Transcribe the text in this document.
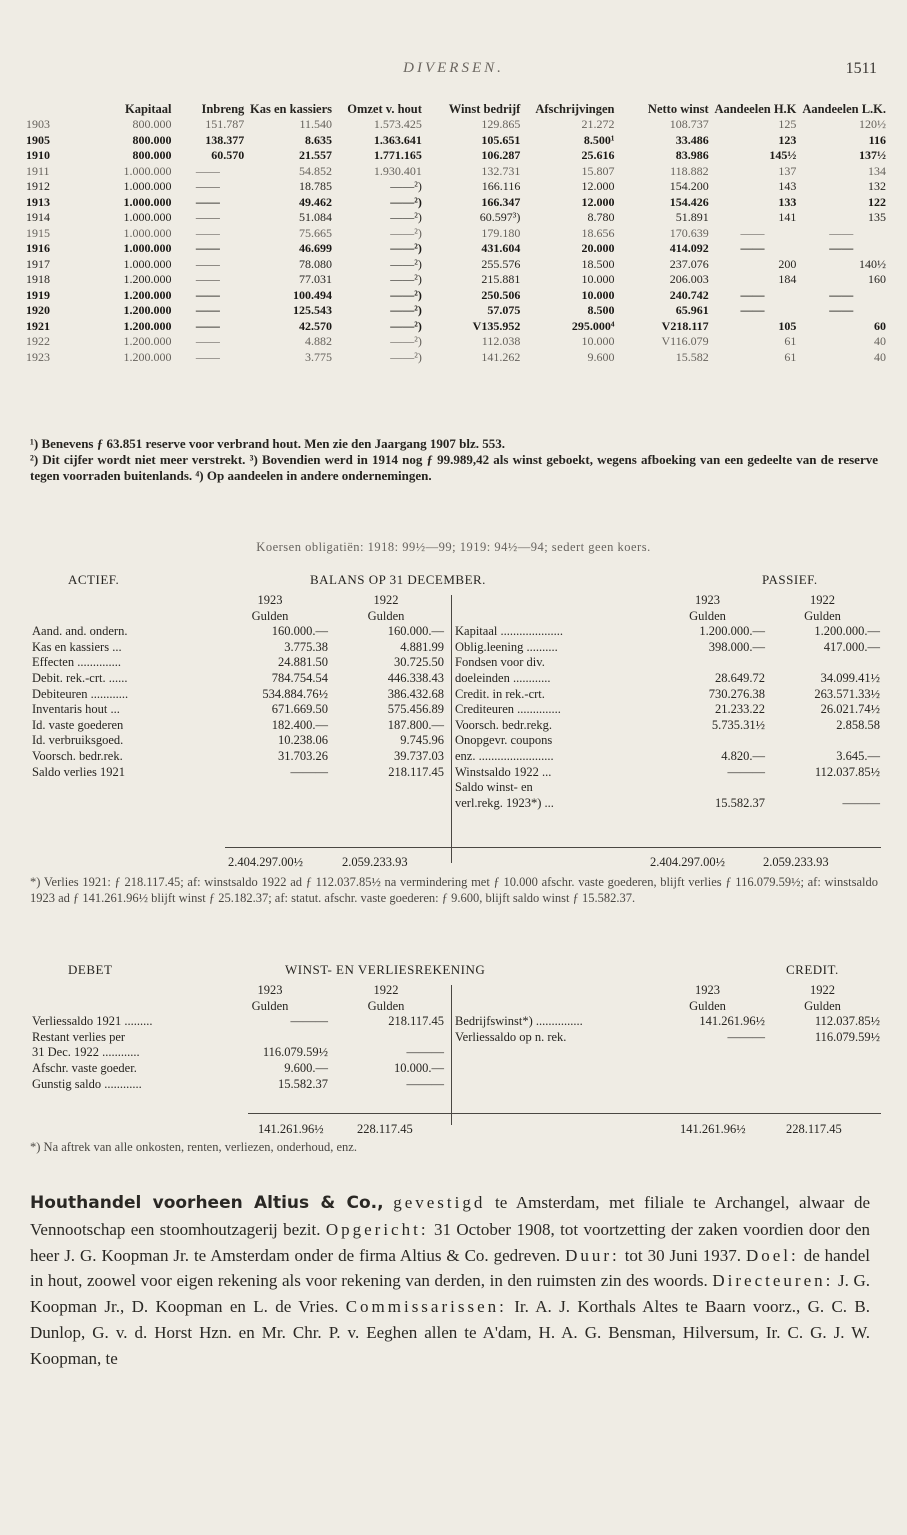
DIVERSEN.	1511
	Kapitaal	Inbreng	Kas en kassiers	Omzet v. hout	Winst bedrijf	Afschrijvingen	Netto winst	Aandeelen H.K	Aandeelen L.K.
1903	800.000	151.787	11.540	1.573.425	129.865	21.272	108.737	125	120½
1905	800.000	138.377	8.635	1.363.641	105.651	8.500¹	33.486	123	116
1910	800.000	60.570	21.557	1.771.165	106.287	25.616	83.986	145½	137½
1911	1.000.000	——	54.852	1.930.401	132.731	15.807	118.882	137	134
1912	1.000.000	——	18.785	——²)	166.116	12.000	154.200	143	132
1913	1.000.000	——	49.462	——²)	166.347	12.000	154.426	133	122
1914	1.000.000	——	51.084	——²)	60.597³)	8.780	51.891	141	135
1915	1.000.000	——	75.665	——²)	179.180	18.656	170.639	——	——
1916	1.000.000	——	46.699	——²)	431.604	20.000	414.092	——	——
1917	1.000.000	——	78.080	——²)	255.576	18.500	237.076	200	140½
1918	1.200.000	——	77.031	——²)	215.881	10.000	206.003	184	160
1919	1.200.000	——	100.494	——²)	250.506	10.000	240.742	——	——
1920	1.200.000	——	125.543	——²)	57.075	8.500	65.961	——	——
1921	1.200.000	——	42.570	——²)	V135.952	295.000⁴	V218.117	105	60
1922	1.200.000	——	4.882	——²)	112.038	10.000	V116.079	61	40
1923	1.200.000	——	3.775	——²)	141.262	9.600	15.582	61	40

¹) Benevens ƒ 63.851 reserve voor verbrand hout. Men zie den Jaargang 1907 blz. 553.

²) Dit cijfer wordt niet meer verstrekt. ³) Bovendien werd in 1914 nog ƒ 99.989,42 als winst geboekt, wegens afboeking van een gedeelte van de reserve tegen voorraden buitenlands. ⁴) Op aandeelen in andere ondernemingen.

Koersen obligatiën: 1918: 99½—99; 1919: 94½—94; sedert geen koers.
ACTIEF.	BALANS OP 31 DECEMBER.	PASSIEF.
	1923	1922
	Gulden	Gulden
Aand. and. ondern.	160.000.—	160.000.—
Kas en kassiers ...	3.775.38	4.881.99
Effecten ..............	24.881.50	30.725.50
Debit. rek.-crt. ......	784.754.54	446.338.43
Debiteuren ............	534.884.76½	386.432.68
Inventaris hout ...	671.669.50	575.456.89
Id. vaste goederen	182.400.—	187.800.—
Id. verbruiksgoed.	10.238.06	9.745.96
Voorsch. bedr.rek.	31.703.26	39.737.03
Saldo verlies 1921	———	218.117.45
	1923	1922
	Gulden	Gulden
Kapitaal ....................	1.200.000.—	1.200.000.—
Oblig.leening ..........	398.000.—	417.000.—
Fondsen voor div.		
doeleinden ............	28.649.72	34.099.41½
Credit. in rek.-crt.	730.276.38	263.571.33½
Crediteuren ..............	21.233.22	26.021.74½
Voorsch. bedr.rekg.	5.735.31½	2.858.58
Onopgevr. coupons		
enz. ........................	4.820.—	3.645.—
Winstsaldo 1922 ...	———	112.037.85½
Saldo winst- en		
verl.rekg. 1923*) ...	15.582.37	———
2.404.297.00½	2.059.233.93	2.404.297.00½	2.059.233.93

*) Verlies 1921: ƒ 218.117.45; af: winstsaldo 1922 ad ƒ 112.037.85½ na vermindering met ƒ 10.000 afschr. vaste goederen, blijft verlies ƒ 116.079.59½; af: winstsaldo 1923 ad ƒ 141.261.96½ blijft winst ƒ 25.182.37; af: statut. afschr. vaste goederen: ƒ 9.600, blijft saldo winst ƒ 15.582.37.

DEBET	WINST- EN VERLIESREKENING	CREDIT.
	1923	1922
	Gulden	Gulden
Verliessaldo 1921 .........	———	218.117.45
Restant verlies per		
31 Dec. 1922 ............	116.079.59½	———
Afschr. vaste goeder.	9.600.—	10.000.—
Gunstig saldo ............	15.582.37	———
	1923	1922
	Gulden	Gulden
Bedrijfswinst*) ...............	141.261.96½	112.037.85½
Verliessaldo op n. rek.	———	116.079.59½
141.261.96½	228.117.45	141.261.96½	228.117.45

*) Na aftrek van alle onkosten, renten, verliezen, onderhoud, enz.

Houthandel voorheen Altius & Co., gevestigd te Amsterdam, met filiale te Archangel, alwaar de Vennootschap een stoomhoutzagerij bezit. Opgericht: 31 October 1908, tot voortzetting der zaken voordien door den heer J. G. Koopman Jr. te Amsterdam onder de firma Altius & Co. gedreven. Duur: tot 30 Juni 1937. Doel: de handel in hout, zoowel voor eigen rekening als voor rekening van derden, in den ruimsten zin des woords. Directeuren: J. G. Koopman Jr., D. Koopman en L. de Vries. Commissarissen: Ir. A. J. Korthals Altes te Baarn voorz., G. C. B. Dunlop, G. v. d. Horst Hzn. en Mr. Chr. P. v. Eeghen allen te A'dam, H. A. G. Bensman, Hilversum, Ir. C. G. J. W. Koopman, te
